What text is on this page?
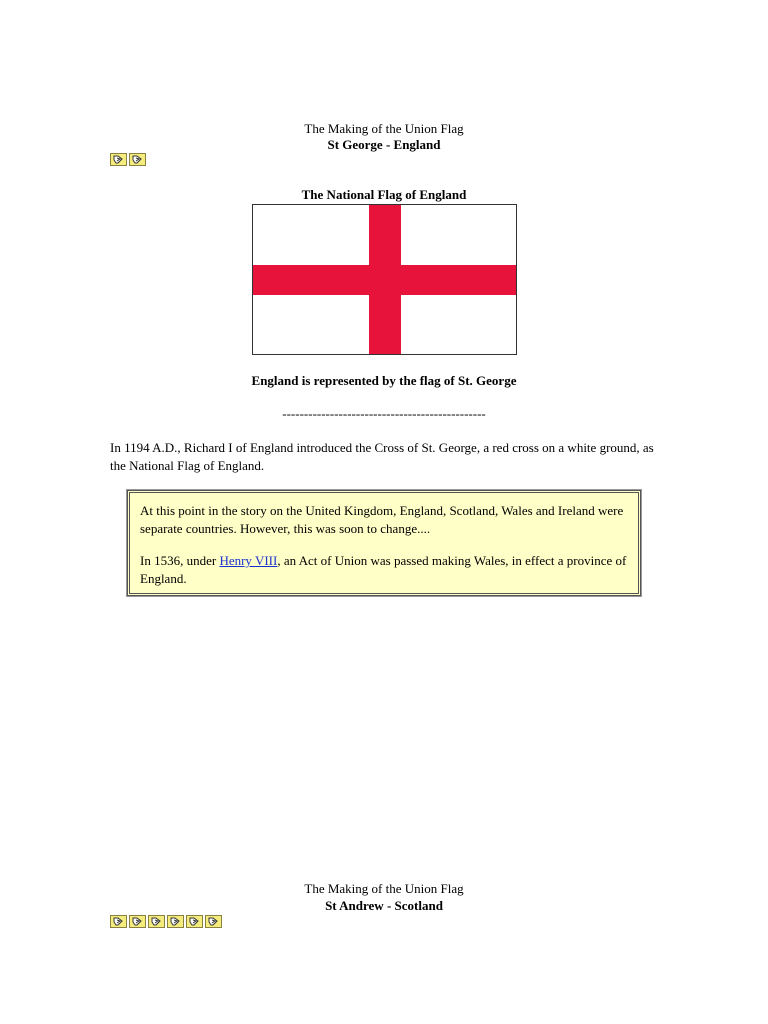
The Making of the Union Flag
St George - England
The National Flag of England
England is represented by the flag of St. George
-----------------------------------------------
In 1194 A.D., Richard I of England introduced the Cross of St. George, a red cross on a white ground, as the National Flag of England.

At this point in the story on the United Kingdom, England, Scotland, Wales and Ireland were separate countries. However, this was soon to change....

In 1536, under Henry VIII, an Act of Union was passed making Wales, in effect a province of England.

The Making of the Union Flag
St Andrew - Scotland
